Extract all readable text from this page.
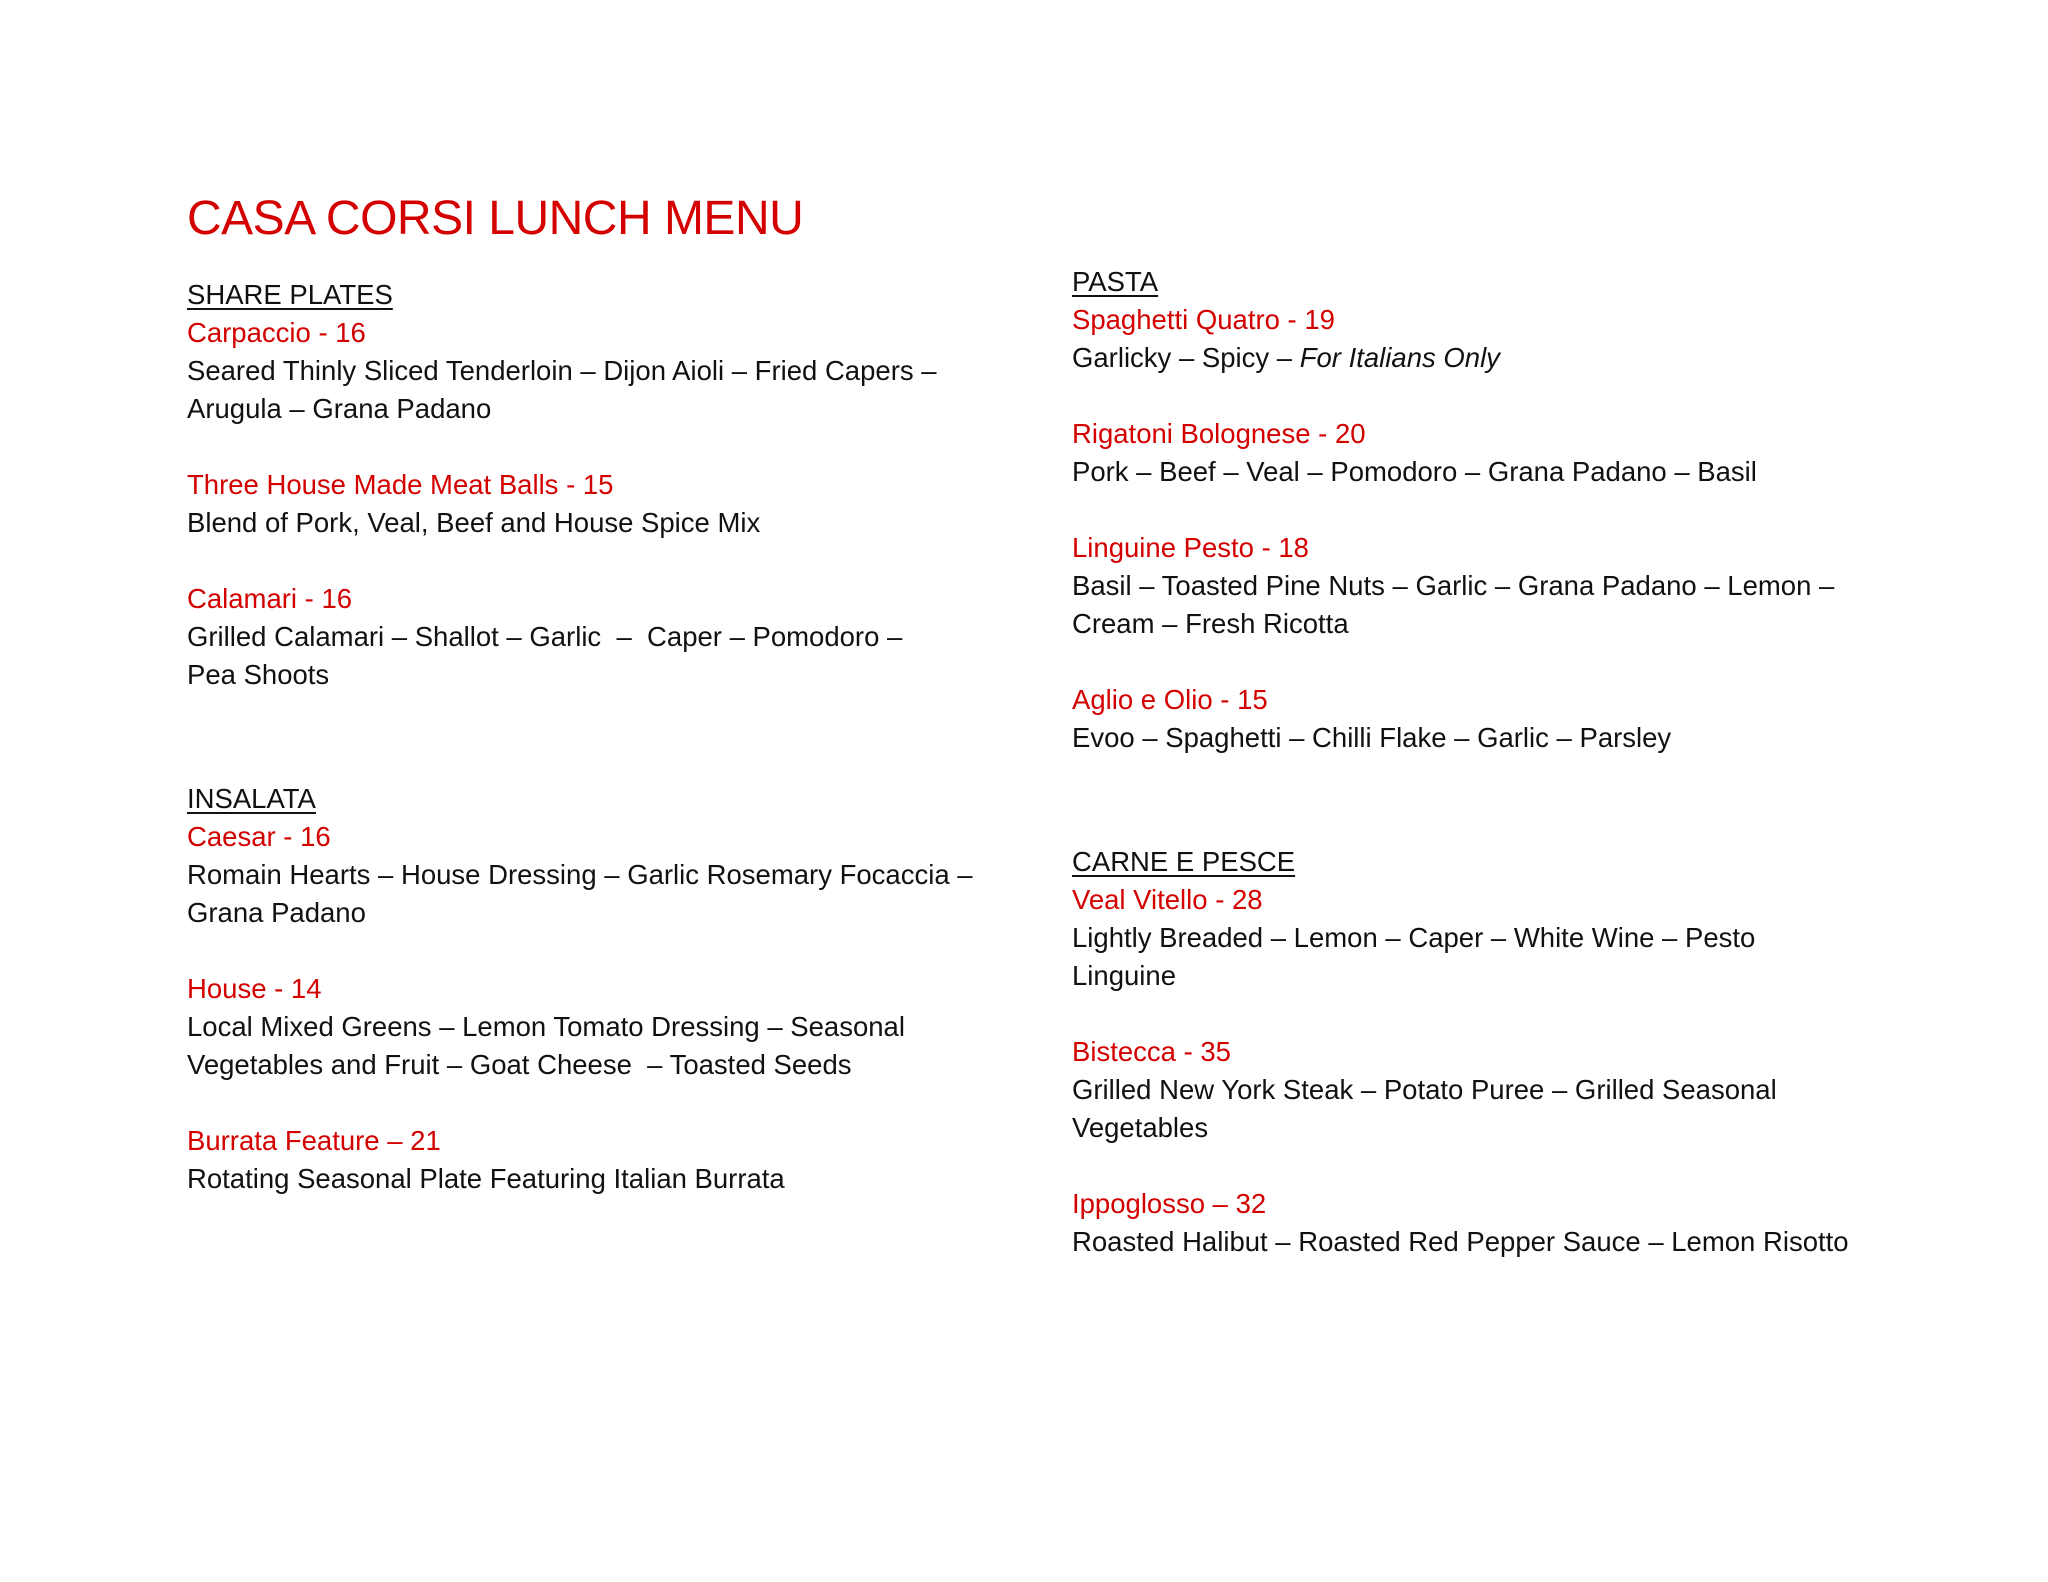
CASA CORSI LUNCH MENU
SHARE PLATES
Carpaccio - 16
Seared Thinly Sliced Tenderloin – Dijon Aioli – Fried Capers –
Arugula – Grana Padano
Three House Made Meat Balls - 15
Blend of Pork, Veal, Beef and House Spice Mix
Calamari - 16
Grilled Calamari – Shallot – Garlic  –  Caper – Pomodoro –
Pea Shoots
INSALATA
Caesar - 16
Romain Hearts – House Dressing – Garlic Rosemary Focaccia –
Grana Padano
House - 14
Local Mixed Greens – Lemon Tomato Dressing – Seasonal
Vegetables and Fruit – Goat Cheese  – Toasted Seeds
Burrata Feature – 21
Rotating Seasonal Plate Featuring Italian Burrata
PASTA
Spaghetti Quatro - 19
Garlicky – Spicy – For Italians Only
Rigatoni Bolognese - 20
Pork – Beef – Veal – Pomodoro – Grana Padano – Basil
Linguine Pesto - 18
Basil – Toasted Pine Nuts – Garlic – Grana Padano – Lemon –
Cream – Fresh Ricotta
Aglio e Olio - 15
Evoo – Spaghetti – Chilli Flake – Garlic – Parsley
CARNE E PESCE
Veal Vitello - 28
Lightly Breaded – Lemon – Caper – White Wine – Pesto
Linguine
Bistecca - 35
Grilled New York Steak – Potato Puree – Grilled Seasonal
Vegetables
Ippoglosso – 32
Roasted Halibut – Roasted Red Pepper Sauce – Lemon Risotto
